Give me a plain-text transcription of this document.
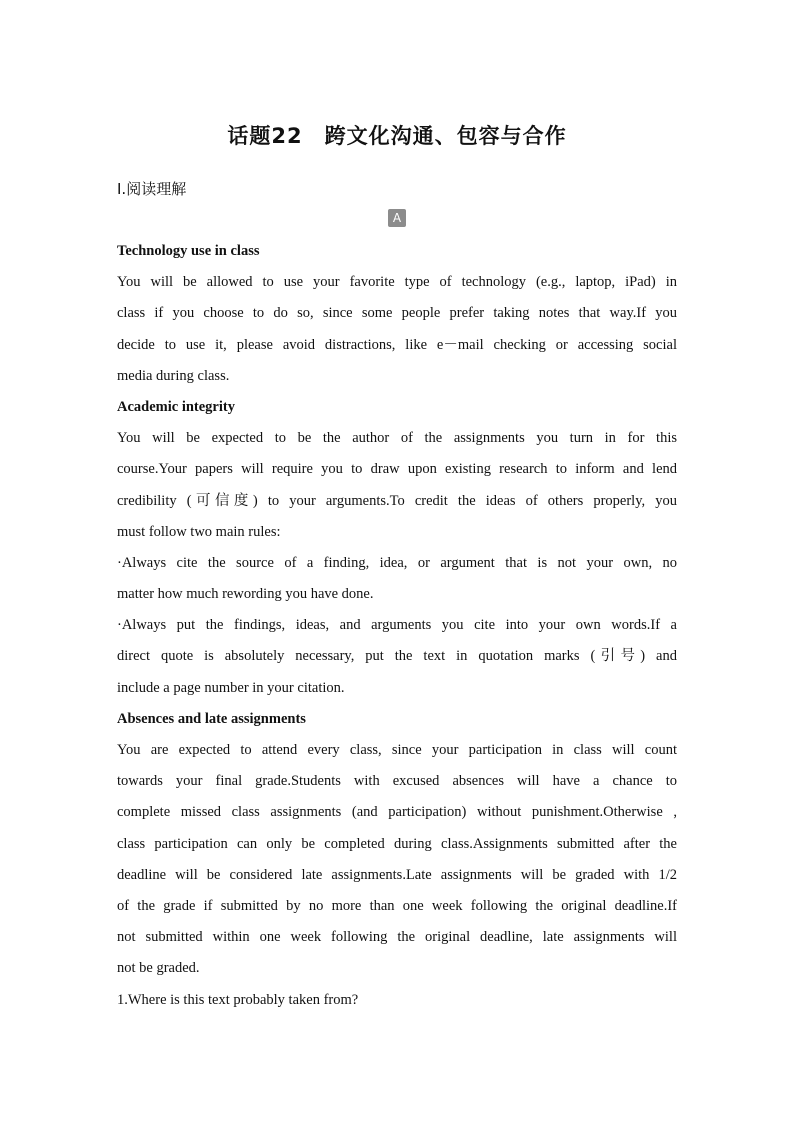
话题22　跨文化沟通、包容与合作
Ⅰ.阅读理解
A
Technology use in class
You will be allowed to use your favorite type of technology (e.g., laptop, iPad) in
class if you choose to do so, since some people prefer taking notes that way.If you
decide to use it, please avoid distractions, like e－mail checking or accessing social
media during class.
Academic integrity
You will be expected to be the author of the assignments you turn in for this
course.Your papers will require you to draw upon existing research to inform and lend
credibility (可信度) to your arguments.To credit the ideas of others properly, you
must follow two main rules:
·Always cite the source of a finding, idea, or argument that is not your own, no
matter how much rewording you have done.
·Always put the findings, ideas, and arguments you cite into your own words.If a
direct quote is absolutely necessary, put the text in quotation marks (引号) and
include a page number in your citation.
Absences and late assignments
You are expected to attend every class, since your participation in class will count
towards your final grade.Students with excused absences will have a chance to
complete missed class assignments (and participation) without punishment.Otherwise ,
class participation can only be completed during class.Assignments submitted after the
deadline will be considered late assignments.Late assignments will be graded with 1/2
of the grade if submitted by no more than one week following the original deadline.If
not submitted within one week following the original deadline, late assignments will
not be graded.
1.Where is this text probably taken from?
